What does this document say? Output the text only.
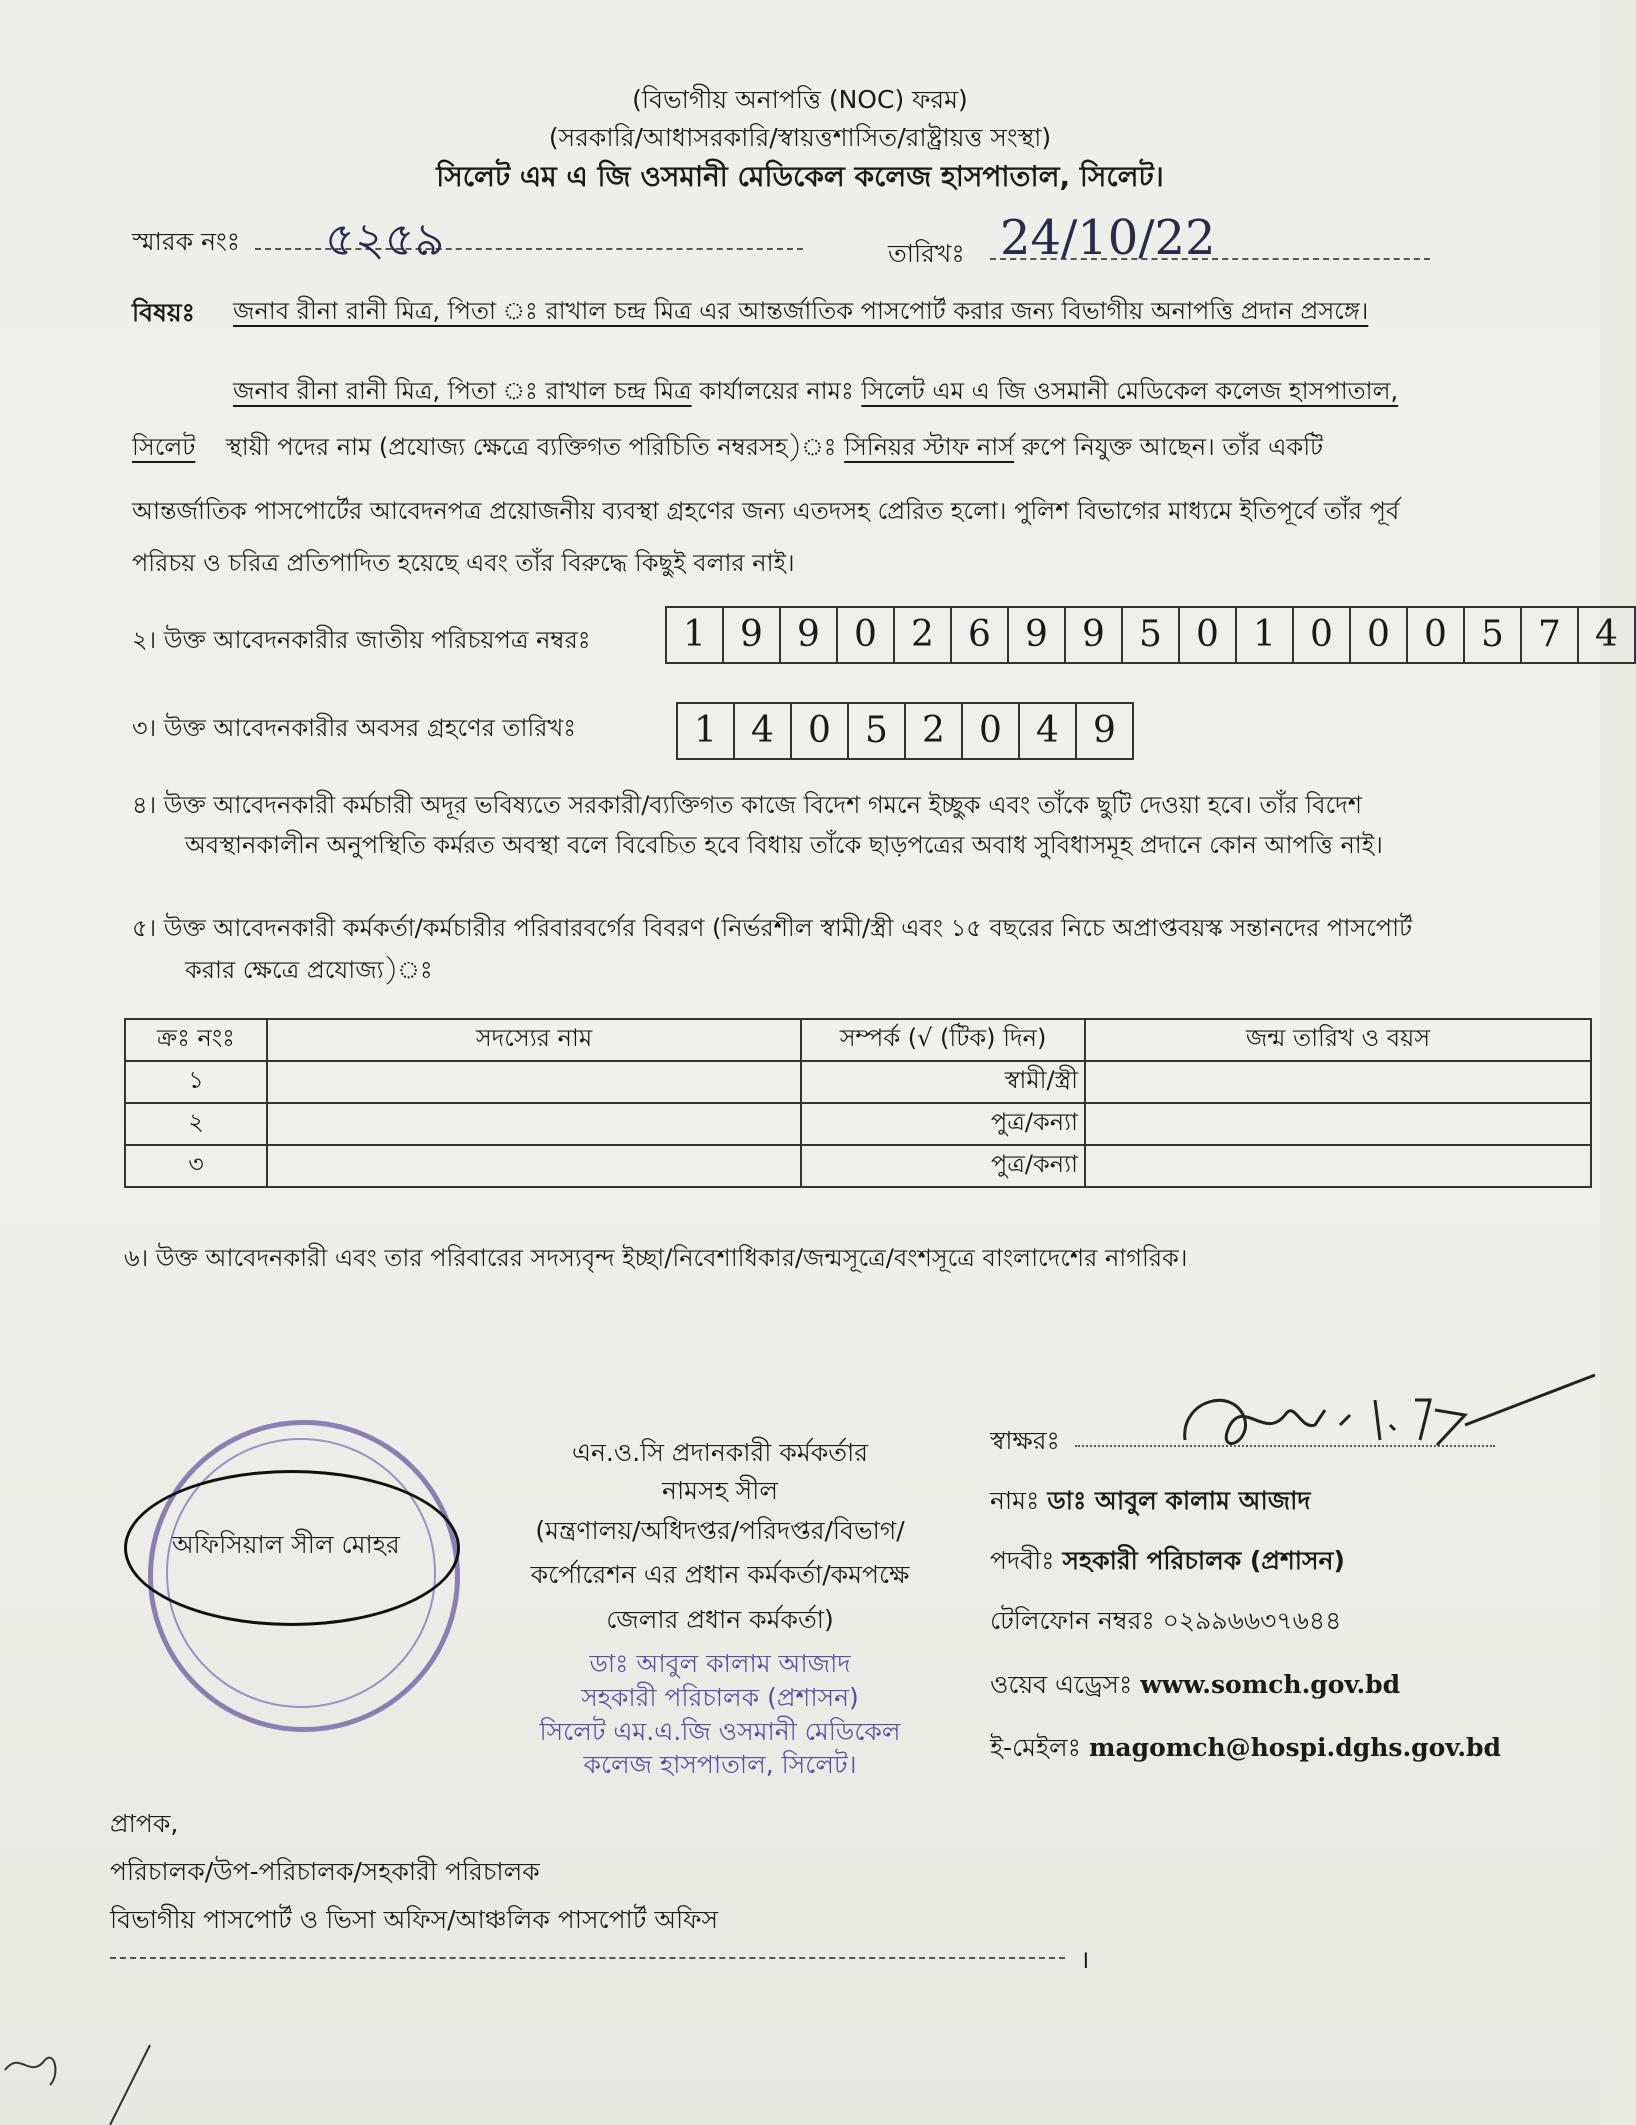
(বিভাগীয় অনাপত্তি (NOC) ফরম)
(সরকারি/আধাসরকারি/স্বায়ত্তশাসিত/রাষ্ট্রায়ত্ত সংস্থা)
সিলেট এম এ জি ওসমানী মেডিকেল কলেজ হাসপাতাল, সিলেট।
স্মারক নংঃ ৫২৫৯	তারিখঃ 24/10/22
বিষয়ঃ জনাব রীনা রানী মিত্র, পিতা ঃ রাখাল চন্দ্র মিত্র এর আন্তর্জাতিক পাসপোর্ট করার জন্য বিভাগীয় অনাপত্তি প্রদান প্রসঙ্গে।
জনাব রীনা রানী মিত্র, পিতা ঃ রাখাল চন্দ্র মিত্র কার্যালয়ের নামঃ সিলেট এম এ জি ওসমানী মেডিকেল কলেজ হাসপাতাল,
সিলেট স্থায়ী পদের নাম (প্রযোজ্য ক্ষেত্রে ব্যক্তিগত পরিচিতি নম্বরসহ)ঃ সিনিয়র স্টাফ নার্স রুপে নিযুক্ত আছেন। তাঁর একটি
আন্তর্জাতিক পাসপোর্টের আবেদনপত্র প্রয়োজনীয় ব্যবস্থা গ্রহণের জন্য এতদসহ প্রেরিত হলো। পুলিশ বিভাগের মাধ্যমে ইতিপূর্বে তাঁর পূর্ব
পরিচয় ও চরিত্র প্রতিপাদিত হয়েছে এবং তাঁর বিরুদ্ধে কিছুই বলার নাই।
২। উক্ত আবেদনকারীর জাতীয় পরিচয়পত্র নম্বরঃ	1 9 9 0 2 6 9 9 5 0 1 0 0 0 5 7 4
৩। উক্ত আবেদনকারীর অবসর গ্রহণের তারিখঃ	1 4 0 5 2 0 4 9
৪। উক্ত আবেদনকারী কর্মচারী অদূর ভবিষ্যতে সরকারী/ব্যক্তিগত কাজে বিদেশ গমনে ইচ্ছুক এবং তাঁকে ছুটি দেওয়া হবে। তাঁর বিদেশ
অবস্থানকালীন অনুপস্থিতি কর্মরত অবস্থা বলে বিবেচিত হবে বিধায় তাঁকে ছাড়পত্রের অবাধ সুবিধাসমূহ প্রদানে কোন আপত্তি নাই।
৫। উক্ত আবেদনকারী কর্মকর্তা/কর্মচারীর পরিবারবর্গের বিবরণ (নির্ভরশীল স্বামী/স্ত্রী এবং ১৫ বছরের নিচে অপ্রাপ্তবয়স্ক সন্তানদের পাসপোর্ট
করার ক্ষেত্রে প্রযোজ্য)ঃ
ক্রঃ নংঃ	সদস্যের নাম	সম্পর্ক (√ (টিক) দিন)	জন্ম তারিখ ও বয়স
১		স্বামী/স্ত্রী	
২		পুত্র/কন্যা	
৩		পুত্র/কন্যা	
৬। উক্ত আবেদনকারী এবং তার পরিবারের সদস্যবৃন্দ ইচ্ছা/নিবেশাধিকার/জন্মসূত্রে/বংশসূত্রে বাংলাদেশের নাগরিক।
অফিসিয়াল সীল মোহর
এন.ও.সি প্রদানকারী কর্মকর্তার
নামসহ সীল
(মন্ত্রণালয়/অধিদপ্তর/পরিদপ্তর/বিভাগ/
কর্পোরেশন এর প্রধান কর্মকর্তা/কমপক্ষে
জেলার প্রধান কর্মকর্তা)
ডাঃ আবুল কালাম আজাদ
সহকারী পরিচালক (প্রশাসন)
সিলেট এম.এ.জি ওসমানী মেডিকেল
কলেজ হাসপাতাল, সিলেট।
স্বাক্ষরঃ
নামঃ ডাঃ আবুল কালাম আজাদ
পদবীঃ সহকারী পরিচালক (প্রশাসন)
টেলিফোন নম্বরঃ ০২৯৯৬৬৩৭৬৪৪
ওয়েব এড্রেসঃ www.somch.gov.bd
ই-মেইলঃ magomch@hospi.dghs.gov.bd
প্রাপক,
পরিচালক/উপ-পরিচালক/সহকারী পরিচালক
বিভাগীয় পাসপোর্ট ও ভিসা অফিস/আঞ্চলিক পাসপোর্ট অফিস
।
